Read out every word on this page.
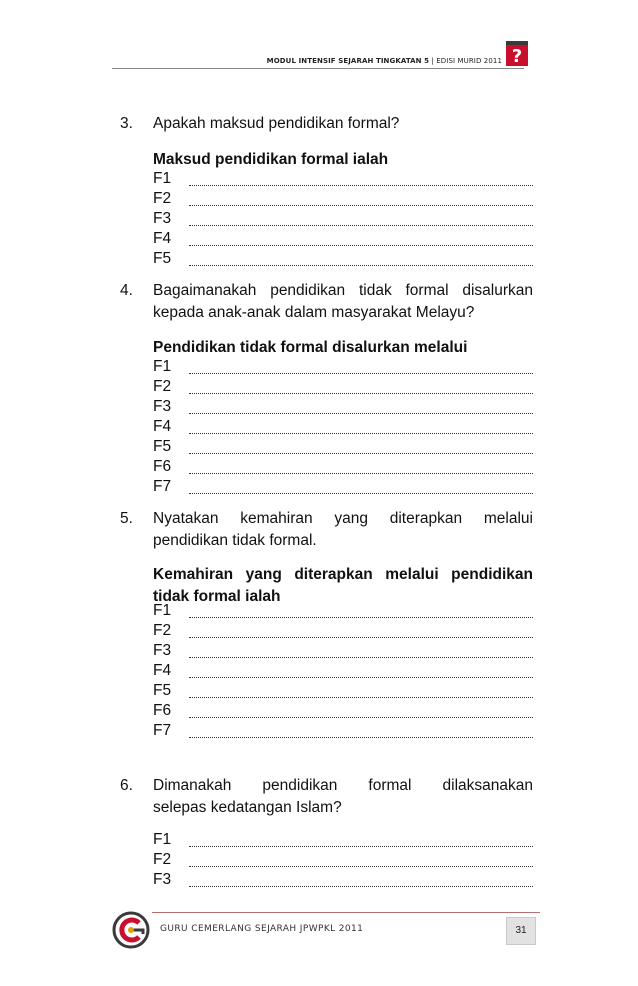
MODUL INTENSIF SEJARAH TINGKATAN 5 | EDISI MURID 2011 ?
3. Apakah maksud pendidikan formal?
Maksud pendidikan formal ialah
F1
F2
F3
F4
F5
4. Bagaimanakah pendidikan tidak formal disalurkan
kepada anak-anak dalam masyarakat Melayu?
Pendidikan tidak formal disalurkan melalui
F1
F2
F3
F4
F5
F6
F7
5. Nyatakan kemahiran yang diterapkan melalui
pendidikan tidak formal.
Kemahiran yang diterapkan melalui pendidikan
tidak formal ialah
F1
F2
F3
F4
F5
F6
F7
6. Dimanakah pendidikan formal dilaksanakan
selepas kedatangan Islam?
F1
F2
F3
GURU CEMERLANG SEJARAH JPWPKL 2011	31
